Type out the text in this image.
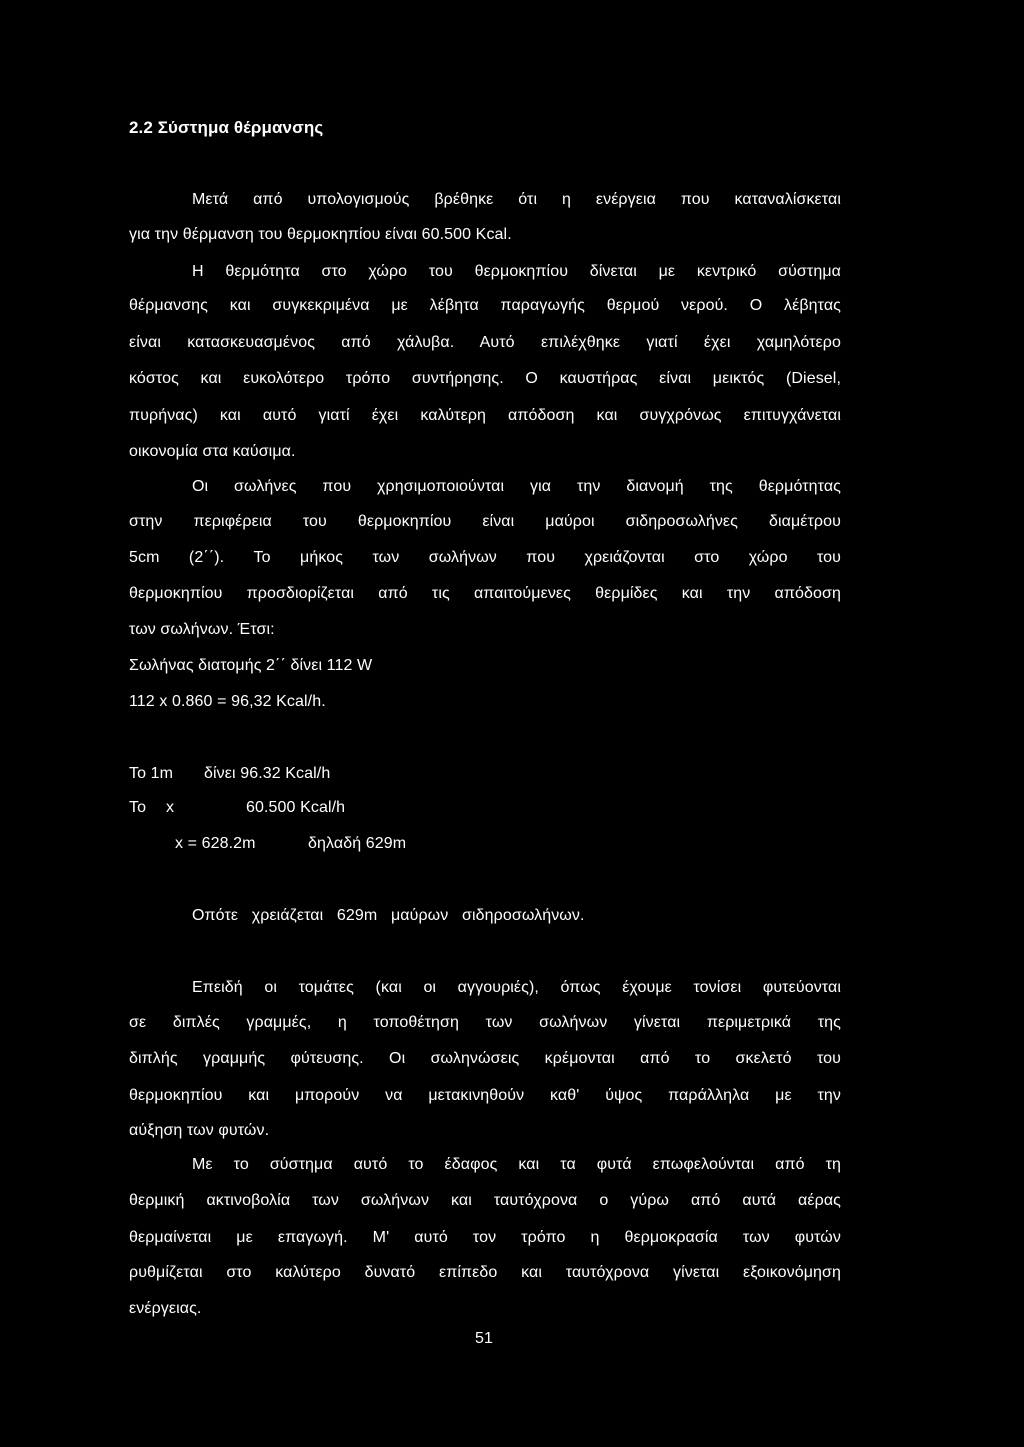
2.2 Σύστημα θέρμανσης
Μετά από υπολογισμούς βρέθηκε ότι η ενέργεια που καταναλίσκεται
για την θέρμανση του θερμοκηπίου είναι 60.500 Kcal.
Η θερμότητα στο χώρο του θερμοκηπίου δίνεται με κεντρικό σύστημα
θέρμανσης και συγκεκριμένα με λέβητα παραγωγής θερμού νερού. Ο λέβητας
είναι κατασκευασμένος από χάλυβα. Αυτό επιλέχθηκε γιατί έχει χαμηλότερο
κόστος και ευκολότερο τρόπο συντήρησης. Ο καυστήρας είναι μεικτός (Diesel,
πυρήνας) και αυτό γιατί έχει καλύτερη απόδοση και συγχρόνως επιτυγχάνεται
οικονομία στα καύσιμα.
Οι σωλήνες που χρησιμοποιούνται για την διανομή της θερμότητας
στην περιφέρεια του θερμοκηπίου είναι μαύροι σιδηροσωλήνες διαμέτρου
5cm (2΄΄). Το μήκος των σωλήνων που χρειάζονται στο χώρο του
θερμοκηπίου προσδιορίζεται από τις απαιτούμενες θερμίδες και την απόδοση
των σωλήνων. Έτσι:
Σωλήνας διατομής 2΄΄ δίνει 112 W
112 x 0.860 = 96,32 Kcal/h.
Το 1m δίνει 96.32 Kcal/h
Το x	60.500 Kcal/h
x = 628.2m	δηλαδή 629m
Οπότε   χρειάζεται   629m   μαύρων   σιδηροσωλήνων.
Επειδή οι τομάτες (και οι αγγουριές), όπως έχουμε τονίσει φυτεύονται
σε διπλές γραμμές, η τοποθέτηση των σωλήνων γίνεται περιμετρικά της
διπλής γραμμής φύτευσης. Οι σωληνώσεις κρέμονται από το σκελετό του
θερμοκηπίου και μπορούν να μετακινηθούν καθ' ύψος παράλληλα με την
αύξηση των φυτών.
Με το σύστημα αυτό το έδαφος και τα φυτά επωφελούνται από τη
θερμική ακτινοβολία των σωλήνων και ταυτόχρονα ο γύρω από αυτά αέρας
θερμαίνεται με επαγωγή. Μ' αυτό τον τρόπο η θερμοκρασία των φυτών
ρυθμίζεται στο καλύτερο δυνατό επίπεδο και ταυτόχρονα γίνεται εξοικονόμηση
ενέργειας.
51
